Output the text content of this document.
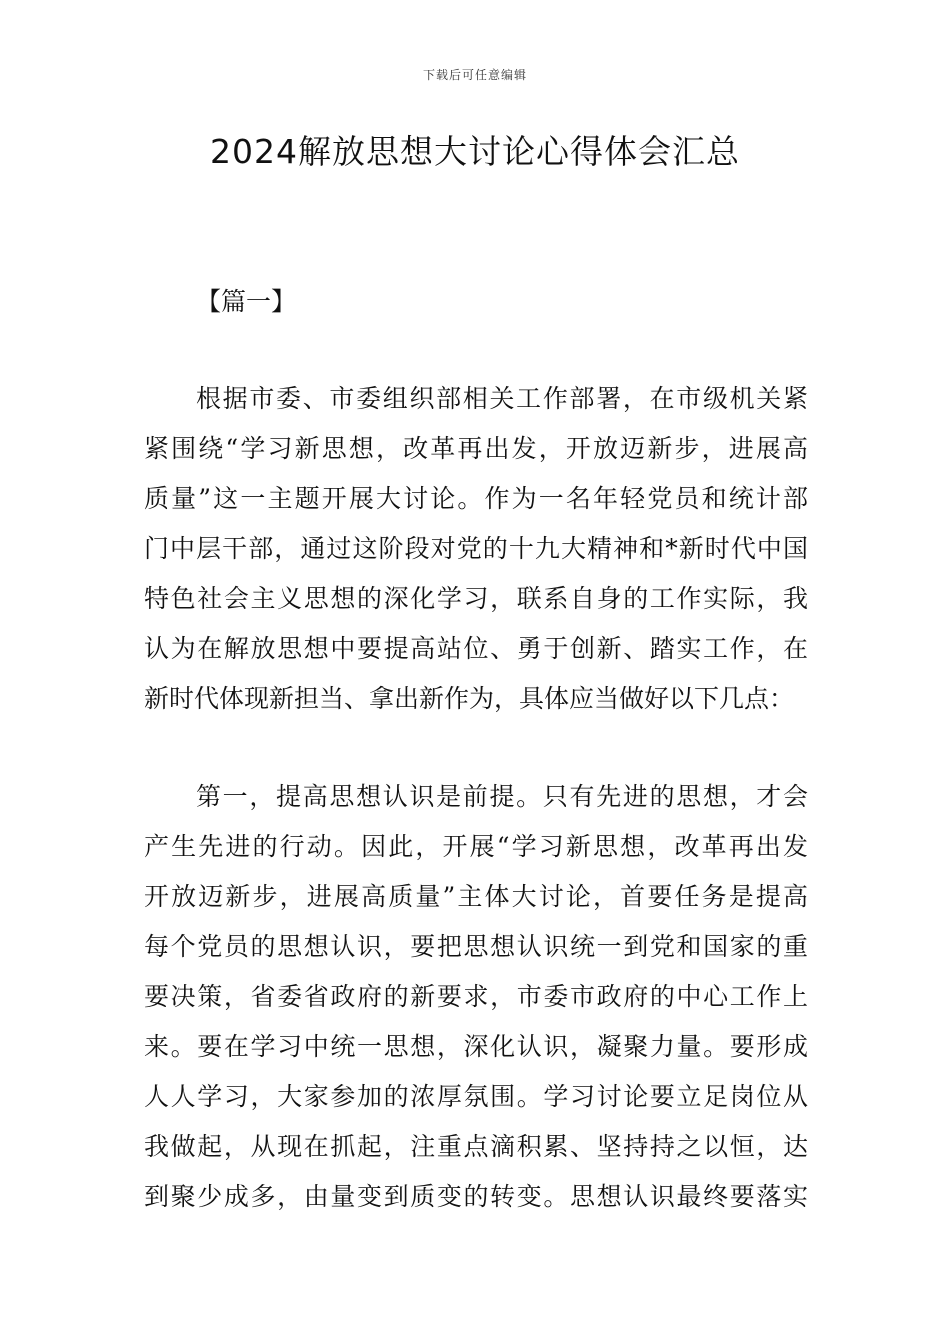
下载后可任意编辑
2024解放思想大讨论心得体会汇总
【篇一】
根据市委、市委组织部相关工作部署，在市级机关紧
紧围绕“学习新思想，改革再出发，开放迈新步，进展高
质量”这一主题开展大讨论。作为一名年轻党员和统计部
门中层干部，通过这阶段对党的十九大精神和*新时代中国
特色社会主义思想的深化学习，联系自身的工作实际，我
认为在解放思想中要提高站位、勇于创新、踏实工作，在
新时代体现新担当、拿出新作为，具体应当做好以下几点：
第一，提高思想认识是前提。只有先进的思想，才会
产生先进的行动。因此，开展“学习新思想，改革再出发
开放迈新步，进展高质量”主体大讨论，首要任务是提高
每个党员的思想认识，要把思想认识统一到党和国家的重
要决策，省委省政府的新要求，市委市政府的中心工作上
来。要在学习中统一思想，深化认识，凝聚力量。要形成
人人学习，大家参加的浓厚氛围。学习讨论要立足岗位从
我做起，从现在抓起，注重点滴积累、坚持持之以恒，达
到聚少成多，由量变到质变的转变。思想认识最终要落实
